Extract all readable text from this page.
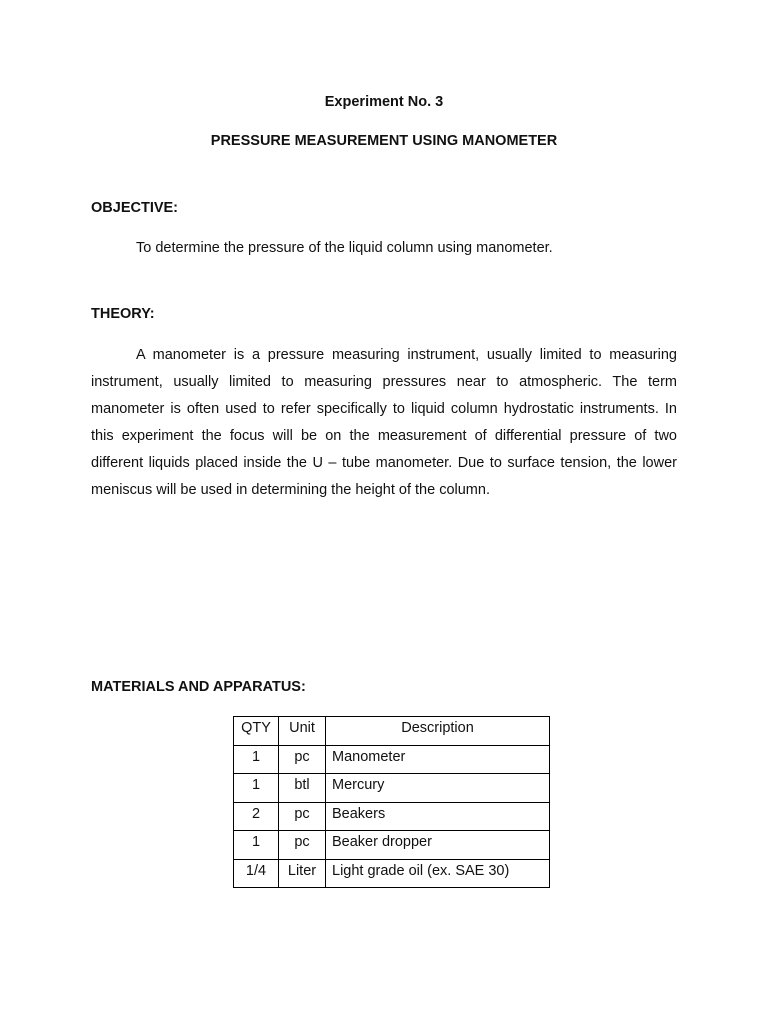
Experiment No. 3
PRESSURE MEASUREMENT USING MANOMETER
OBJECTIVE:
To determine the pressure of the liquid column using manometer.
THEORY:

A manometer is a pressure measuring instrument, usually limited to measuring instrument, usually limited to measuring pressures near to atmospheric. The term manometer is often used to refer specifically to liquid column hydrostatic instruments. In this experiment the focus will be on the measurement of differential pressure of two different liquids placed inside the U – tube manometer. Due to surface tension, the lower meniscus will be used in determining the height of the column.

MATERIALS AND APPARATUS:
QTY	Unit	Description
1	pc	Manometer
1	btl	Mercury
2	pc	Beakers
1	pc	Beaker dropper
1/4	Liter	Light grade oil (ex. SAE 30)
